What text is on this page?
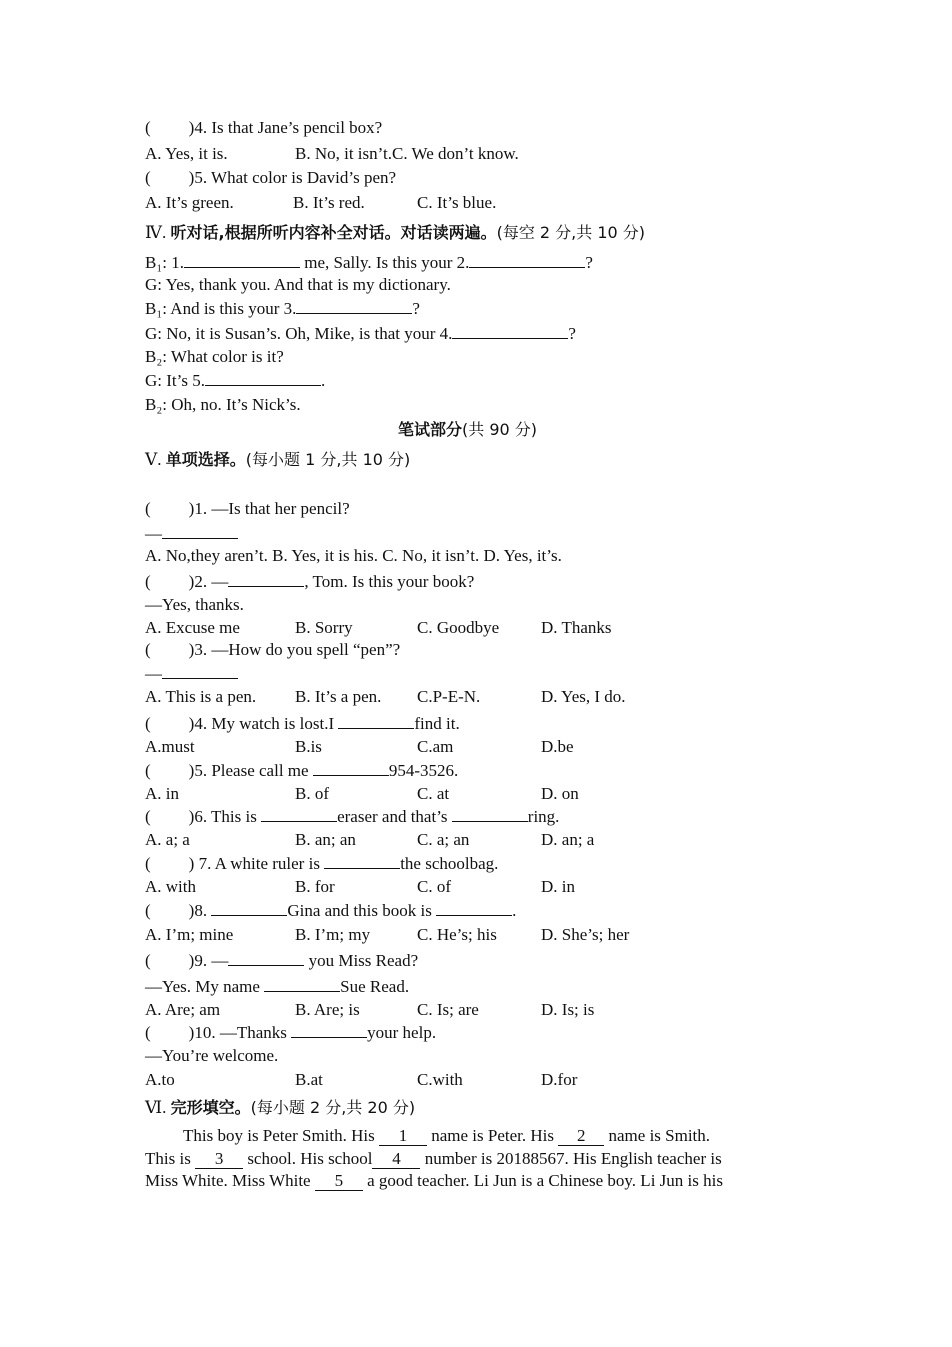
( )4. Is that Jane’s pencil box?
A. Yes, it is.	B. No, it isn’t.C. We don’t know.
( )5. What color is David’s pen?
A. It’s green.	B. It’s red.	C. It’s blue.
Ⅳ. 听对话,根据所听内容补全对话。对话读两遍。(每空 2 分,共 10 分)
B₁: 1.	me, Sally. Is this your 2.	?
G: Yes, thank you. And that is my dictionary.
B₁: And is this your 3.	?
G: No, it is Susan’s. Oh, Mike, is that your 4.	?
B₂: What color is it?
G: It’s 5.	.
B₂: Oh, no. It’s Nick’s.
笔试部分(共 90 分)
Ⅴ. 单项选择。(每小题 1 分,共 10 分)
( )1. —Is that her pencil?
—
A. No,they aren’t. B. Yes, it is his. C. No, it isn’t. D. Yes, it’s.
( )2. —	, Tom. Is this your book?
—Yes, thanks.
A. Excuse me	B. Sorry	C. Goodbye D. Thanks
( )3. —How do you spell “pen”?
—
A. This is a pen. B. It’s a pen. C.P-E-N.	D. Yes, I do.
( )4. My watch is lost.I	find it.
A.must	B.is	C.am	D.be
( )5. Please call me	954-3526.
A. in	B. of	C. at	D. on
( )6. This is	eraser and that’s	ring.
A. a; a	B. an; an	C. a; an	D. an; a
( ) 7. A white ruler is	the schoolbag.
A. with	B. for	C. of	D. in
( )8.	Gina and this book is	.
A. I’m; mine	B. I’m; my	C. He’s; his	D. She’s; her
( )9. —	you Miss Read?
—Yes. My name	Sue Read.
A. Are; am	B. Are; is	C. Is; are	D. Is; is
( )10. —Thanks	your help.
—You’re welcome.
A.to	B.at	C.with	D.for
Ⅵ. 完形填空。(每小题 2 分,共 20 分)
This boy is Peter Smith. His 1 name is Peter. His 2 name is Smith.
This is 3 school. His school 4 number is 20188567. His English teacher is
Miss White. Miss White 5 a good teacher. Li Jun is a Chinese boy. Li Jun is his
